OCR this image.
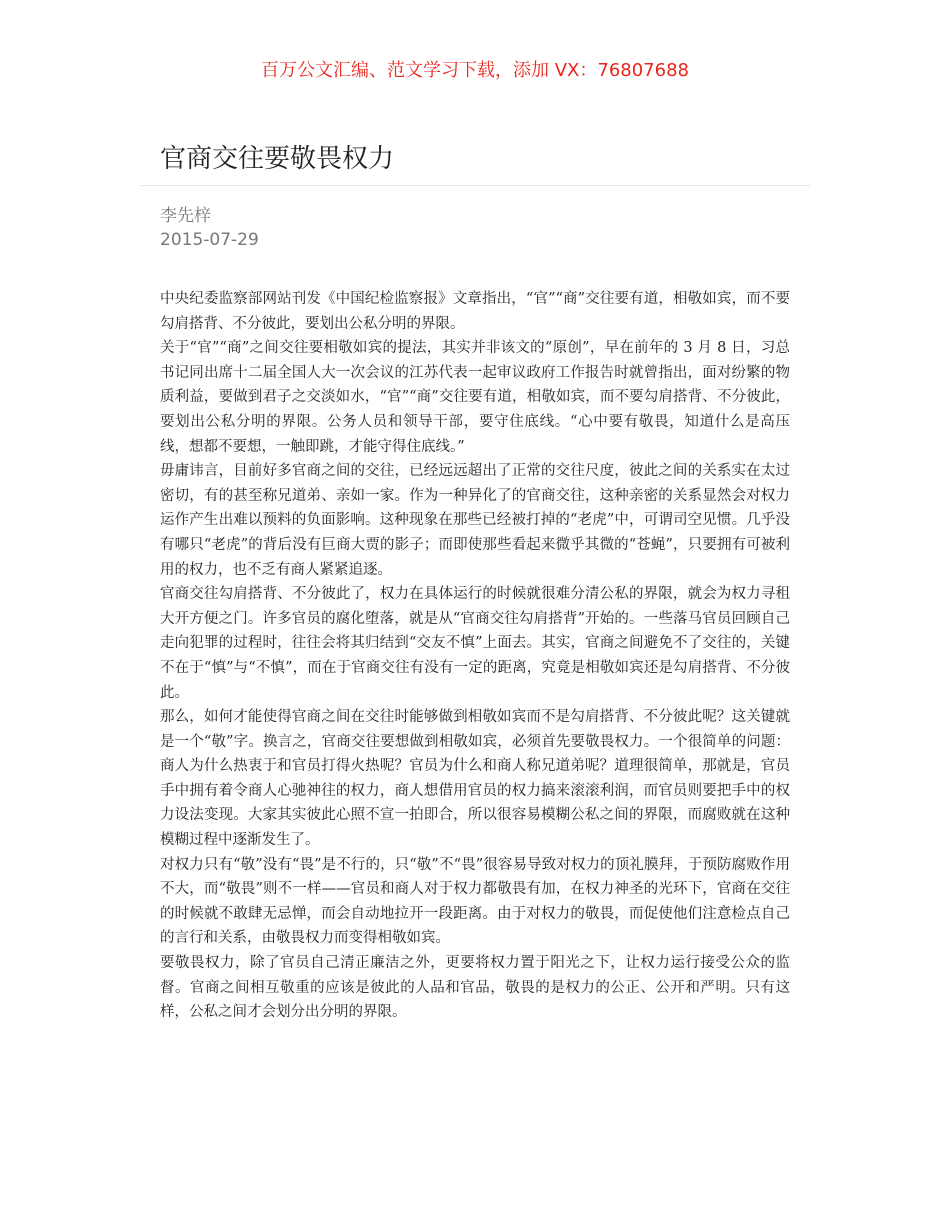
百万公文汇编、范文学习下载，添加 VX：76807688
官商交往要敬畏权力
李先梓
2015-07-29

中央纪委监察部网站刊发《中国纪检监察报》文章指出，“官”“商”交往要有道，相敬如宾，而不要勾肩搭背、不分彼此，要划出公私分明的界限。

关于“官”“商”之间交往要相敬如宾的提法，其实并非该文的“原创”，早在前年的 3 月 8 日，习总书记同出席十二届全国人大一次会议的江苏代表一起审议政府工作报告时就曾指出，面对纷繁的物质利益，要做到君子之交淡如水，“官”“商”交往要有道，相敬如宾，而不要勾肩搭背、不分彼此，要划出公私分明的界限。公务人员和领导干部，要守住底线。“心中要有敬畏，知道什么是高压线，想都不要想，一触即跳，才能守得住底线。”

毋庸讳言，目前好多官商之间的交往，已经远远超出了正常的交往尺度，彼此之间的关系实在太过密切，有的甚至称兄道弟、亲如一家。作为一种异化了的官商交往，这种亲密的关系显然会对权力运作产生出难以预料的负面影响。这种现象在那些已经被打掉的“老虎”中，可谓司空见惯。几乎没有哪只“老虎”的背后没有巨商大贾的影子；而即使那些看起来微乎其微的“苍蝇”，只要拥有可被利用的权力，也不乏有商人紧紧追逐。

官商交往勾肩搭背、不分彼此了，权力在具体运行的时候就很难分清公私的界限，就会为权力寻租大开方便之门。许多官员的腐化堕落，就是从“官商交往勾肩搭背”开始的。一些落马官员回顾自己走向犯罪的过程时，往往会将其归结到“交友不慎”上面去。其实，官商之间避免不了交往的，关键不在于“慎”与“不慎”，而在于官商交往有没有一定的距离，究竟是相敬如宾还是勾肩搭背、不分彼此。

那么，如何才能使得官商之间在交往时能够做到相敬如宾而不是勾肩搭背、不分彼此呢？这关键就是一个“敬”字。换言之，官商交往要想做到相敬如宾，必须首先要敬畏权力。一个很简单的问题：商人为什么热衷于和官员打得火热呢？官员为什么和商人称兄道弟呢？道理很简单，那就是，官员手中拥有着令商人心驰神往的权力，商人想借用官员的权力搞来滚滚利润，而官员则要把手中的权力设法变现。大家其实彼此心照不宣一拍即合，所以很容易模糊公私之间的界限，而腐败就在这种模糊过程中逐渐发生了。

对权力只有“敬”没有“畏”是不行的，只“敬”不“畏”很容易导致对权力的顶礼膜拜，于预防腐败作用不大，而“敬畏”则不一样——官员和商人对于权力都敬畏有加，在权力神圣的光环下，官商在交往的时候就不敢肆无忌惮，而会自动地拉开一段距离。由于对权力的敬畏，而促使他们注意检点自己的言行和关系，由敬畏权力而变得相敬如宾。

要敬畏权力，除了官员自己清正廉洁之外，更要将权力置于阳光之下，让权力运行接受公众的监督。官商之间相互敬重的应该是彼此的人品和官品，敬畏的是权力的公正、公开和严明。只有这样，公私之间才会划分出分明的界限。
